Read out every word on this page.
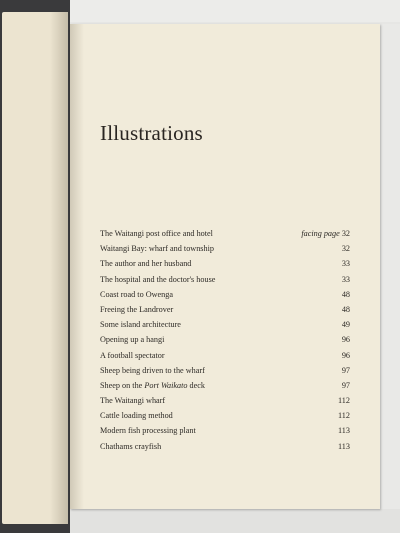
Illustrations
The Waitangi post office and hotel	facing page 32
Waitangi Bay: wharf and township	32
The author and her husband	33
The hospital and the doctor's house	33
Coast road to Owenga	48
Freeing the Landrover	48
Some island architecture	49
Opening up a hangi	96
A football spectator	96
Sheep being driven to the wharf	97
Sheep on the Port Waikato deck	97
The Waitangi wharf	112
Cattle loading method	112
Modern fish processing plant	113
Chathams crayfish	113
